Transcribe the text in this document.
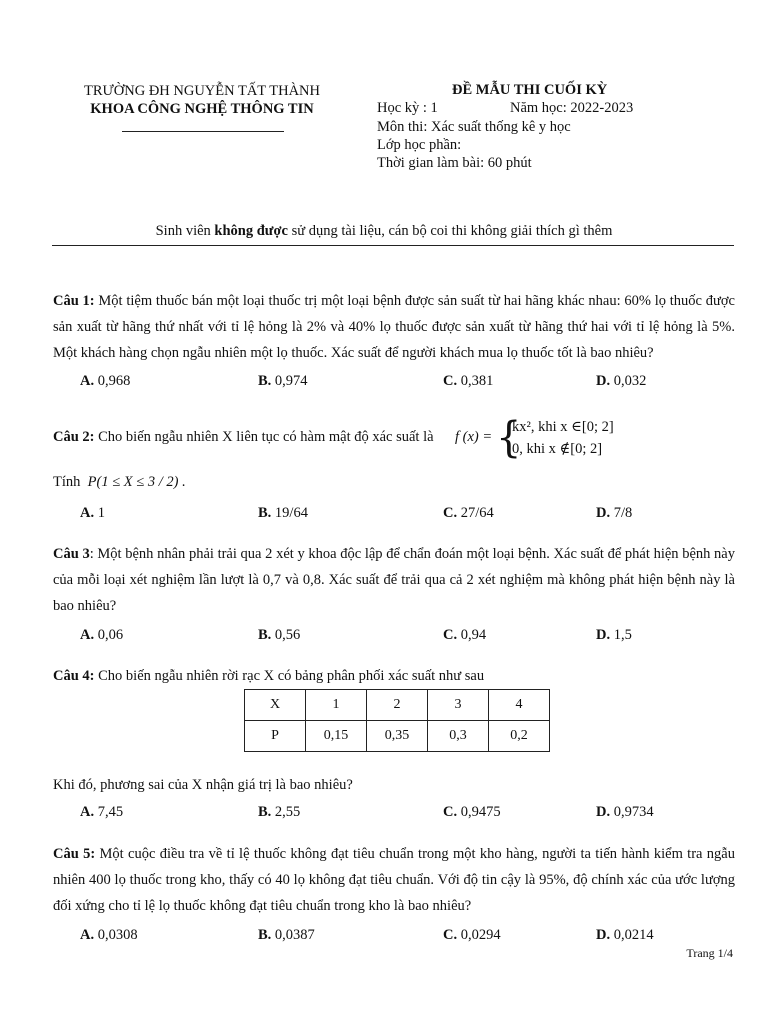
TRƯỜNG ĐH NGUYỄN TẤT THÀNH
KHOA CÔNG NGHỆ THÔNG TIN
ĐỀ MẪU THI CUỐI KỲ
Học kỳ : 1	Năm học: 2022-2023
Môn thi: Xác suất thống kê y học
Lớp học phần:
Thời gian làm bài: 60 phút
Sinh viên không được sử dụng tài liệu, cán bộ coi thi không giải thích gì thêm
Câu 1: Một tiệm thuốc bán một loại thuốc trị một loại bệnh được sản suất từ hai hãng khác nhau: 60% lọ thuốc được sản xuất từ hãng thứ nhất với tỉ lệ hỏng là 2% và 40% lọ thuốc được sản xuất từ hãng thứ hai với tỉ lệ hỏng là 5%. Một khách hàng chọn ngẫu nhiên một lọ thuốc. Xác suất để người khách mua lọ thuốc tốt là bao nhiêu?
A. 0,968	B. 0,974	C. 0,381	D. 0,032
Câu 2: Cho biến ngẫu nhiên X liên tục có hàm mật độ xác suất là f (x) = {
kx², khi x ∈[0; 2]
0, khi x ∉[0; 2]
Tính P(1 ≤ X ≤ 3 / 2) .
A. 1	B. 19/64	C. 27/64	D. 7/8
Câu 3: Một bệnh nhân phải trải qua 2 xét y khoa độc lập để chẩn đoán một loại bệnh. Xác suất để phát hiện bệnh này của mỗi loại xét nghiệm lần lượt là 0,7 và 0,8. Xác suất để trải qua cả 2 xét nghiệm mà không phát hiện bệnh này là bao nhiêu?
A. 0,06	B. 0,56	C. 0,94	D. 1,5
Câu 4: Cho biến ngẫu nhiên rời rạc X có bảng phân phối xác suất như sau
X	1	2	3	4
P	0,15	0,35	0,3	0,2
Khi đó, phương sai của X nhận giá trị là bao nhiêu?
A. 7,45	B. 2,55	C. 0,9475	D. 0,9734
Câu 5: Một cuộc điều tra về tỉ lệ thuốc không đạt tiêu chuẩn trong một kho hàng, người ta tiến hành kiểm tra ngẫu nhiên 400 lọ thuốc trong kho, thấy có 40 lọ không đạt tiêu chuẩn. Với độ tin cậy là 95%, độ chính xác của ước lượng đối xứng cho tỉ lệ lọ thuốc không đạt tiêu chuẩn trong kho là bao nhiêu?
A. 0,0308	B. 0,0387	C. 0,0294	D. 0,0214
Trang 1/4
